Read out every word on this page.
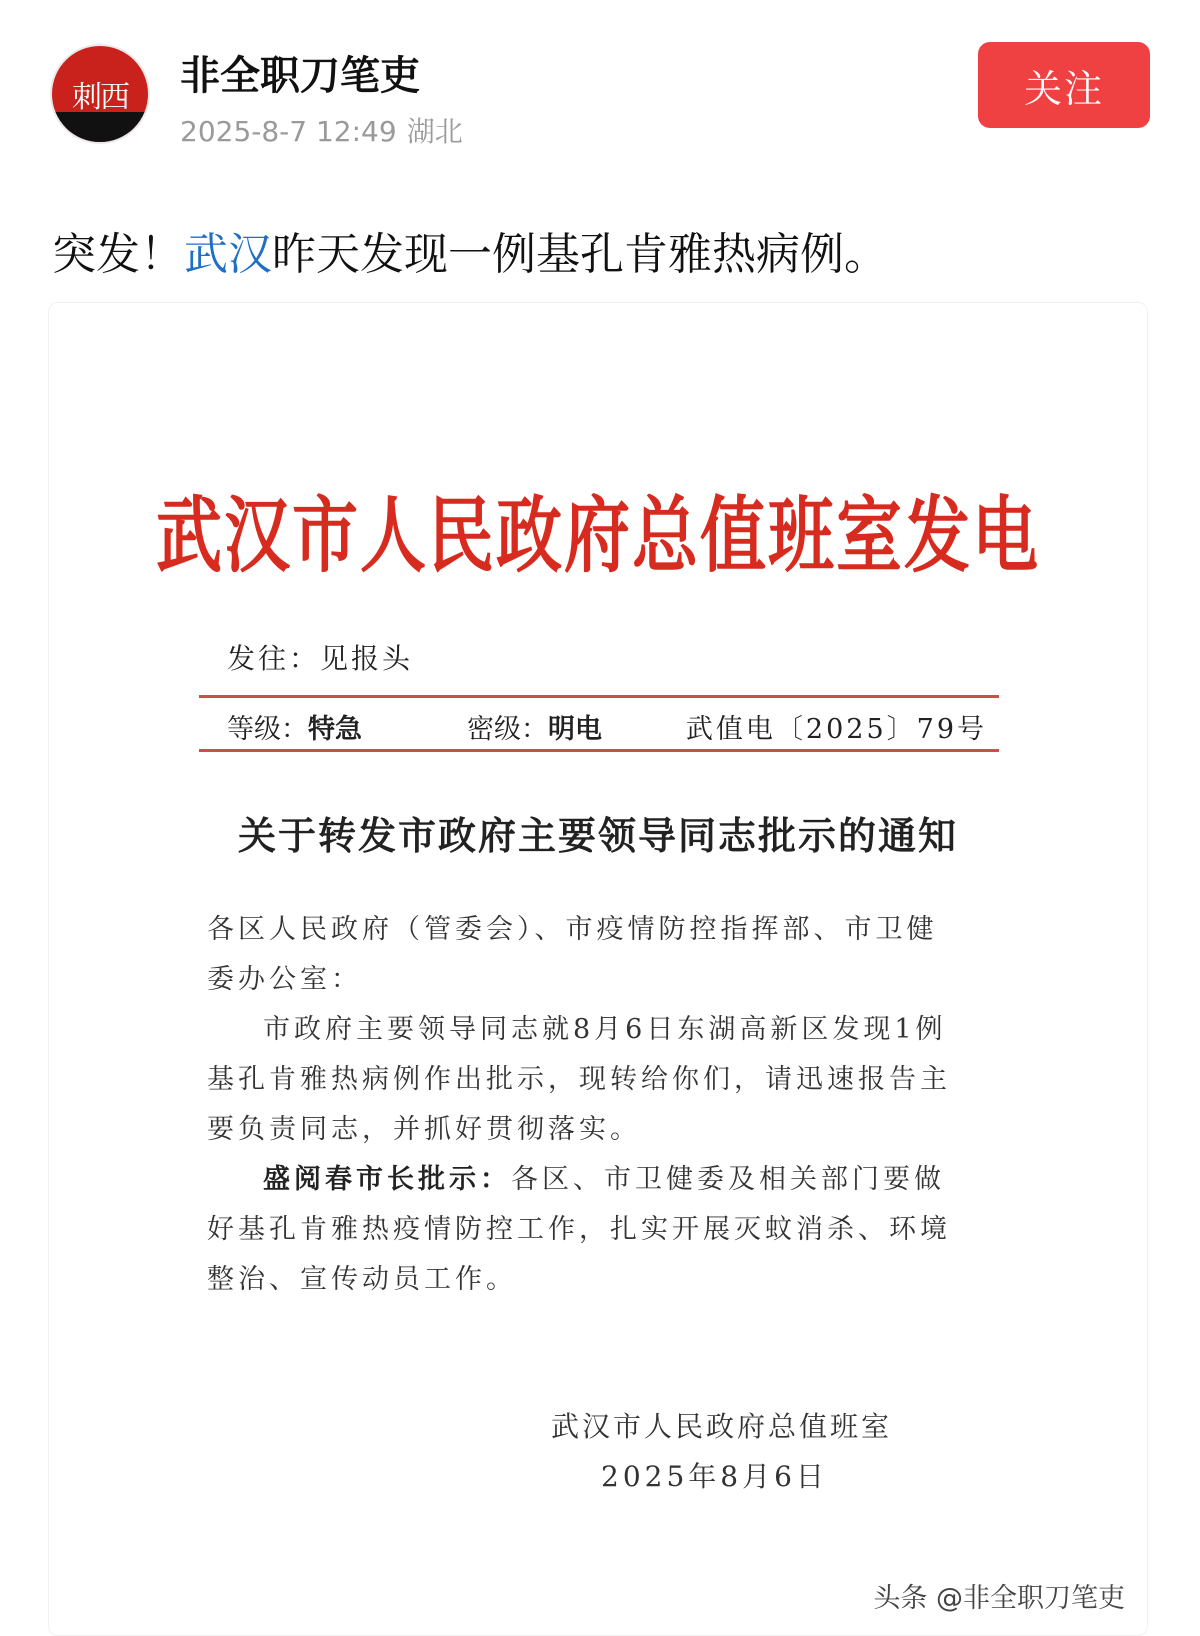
刺西	非全职刀笔吏
2025-8-7 12:49 湖北
关注
突发！武汉昨天发现一例基孔肯雅热病例。
武汉市人民政府总值班室发电
发往：见报头
等级：特急	密级：明电	武值电〔2025〕79号
关于转发市政府主要领导同志批示的通知

各区人民政府（管委会）、市疫情防控指挥部、市卫健委办公室：

市政府主要领导同志就8月6日东湖高新区发现1例基孔肯雅热病例作出批示，现转给你们，请迅速报告主要负责同志，并抓好贯彻落实。

盛阅春市长批示：各区、市卫健委及相关部门要做好基孔肯雅热疫情防控工作，扎实开展灭蚊消杀、环境整治、宣传动员工作。

武汉市人民政府总值班室
2025年8月6日
头条 @非全职刀笔吏
